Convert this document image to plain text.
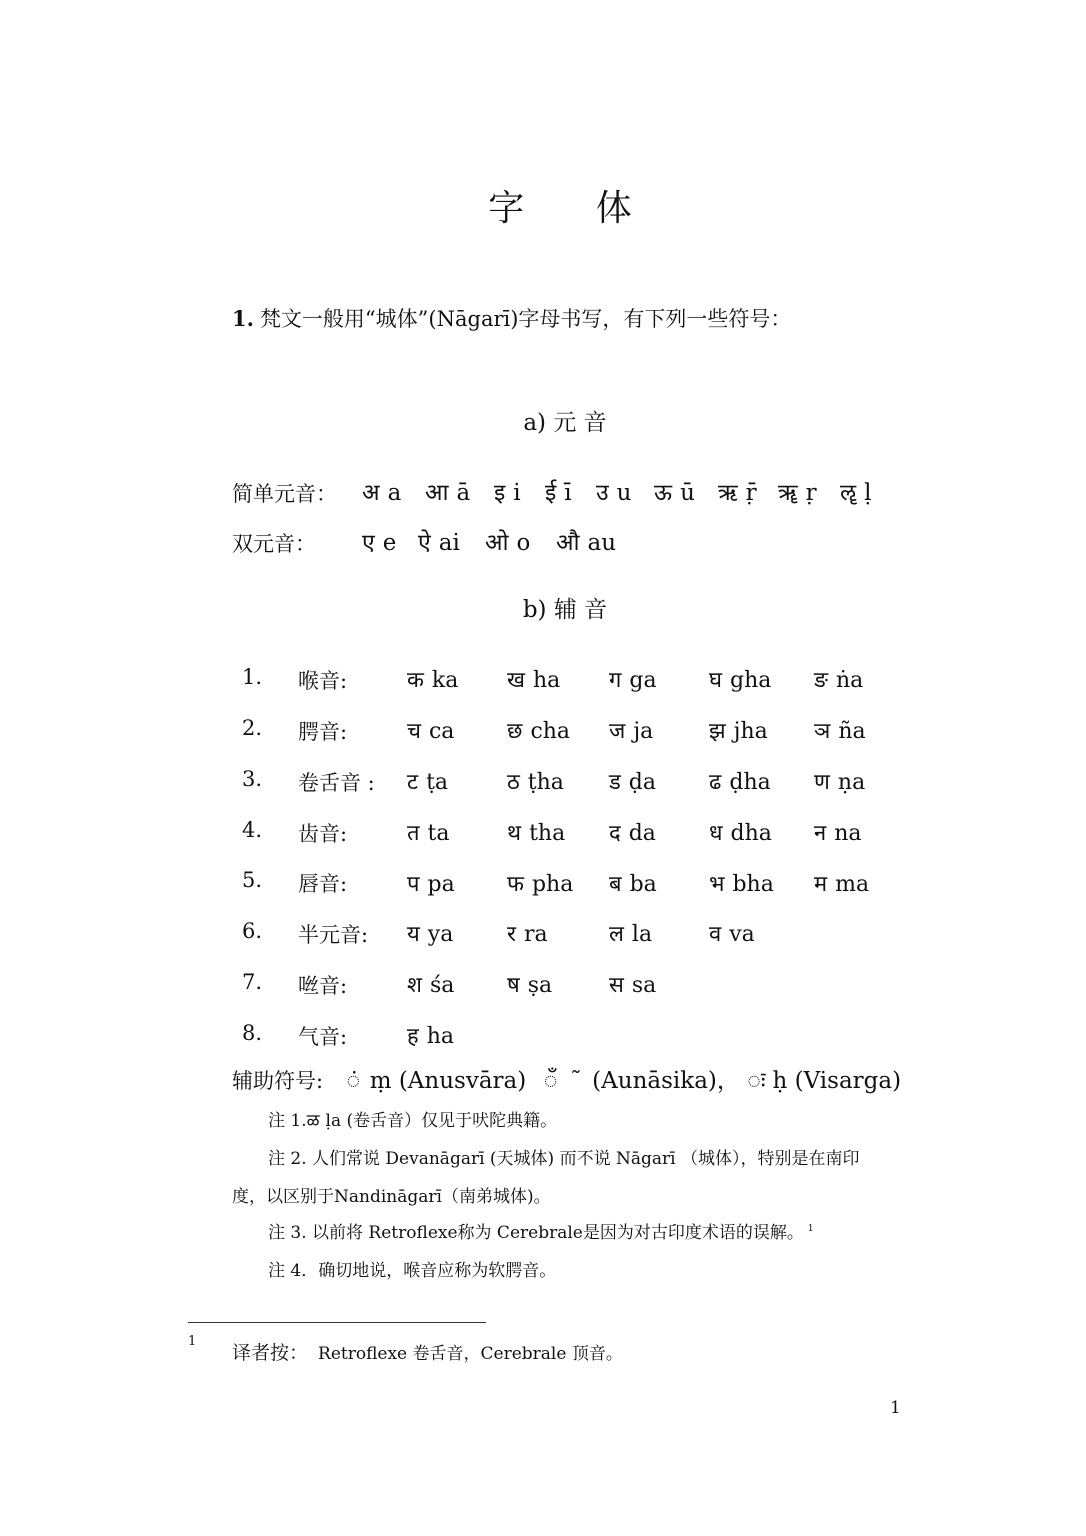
字 体
1. 梵文一般用“城体”(Nāgarī)字母书写，有下列一些符号：
a) 元 音
简单元音： अ a आ ā इ i ई ī उ u ऊ ū ऋ ṝ ॠ ṛ ॡ ḷ
双元音： ए e ऐ ai ओ o औ au
b) 辅 音
1. 喉音:	क ka ख ha ग ga घ gha ङ ṅa
2. 腭音:	च ca छ cha ज ja	झ jha ञ ña
3. 卷舌音 : ट ṭa	ठ ṭha ड ḍa ढ ḍha ण ṇa
4. 齿音:	त ta	थ tha द da ध dha न na
5. 唇音:	प pa फ pha ब ba भ bha म ma
6. 半元音: य ya र ra	ल la	व va
7. 咝音:	श śa ष ṣa	स sa
8. 气音:	ह ha
辅助符号: ं ṃ (Anusvāra) ँ ˜ (Aunāsika)， ः ḥ (Visarga)
注 1.ळ ḷa (卷舌音）仅见于吠陀典籍。
注 2. 人们常说 Devanāgarī (天城体) 而不说 Nāgarī （城体），特别是在南印
度，以区别于Nandināgarī（南弟城体)。
注 3. 以前将 Retroflexe称为 Cerebrale是因为对古印度术语的误解。 $^1$
注 4．确切地说，喉音应称为软腭音。
1
译者按： Retroflexe 卷舌音，Cerebrale 顶音。
1
